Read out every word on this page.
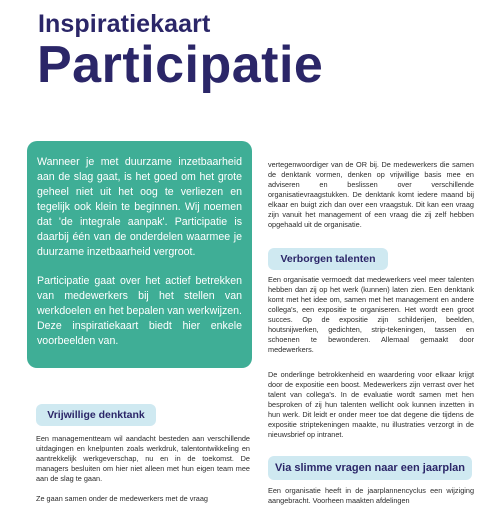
Inspiratiekaart
Participatie

Wanneer je met duurzame inzetbaarheid aan de slag gaat, is het goed om het grote geheel niet uit het oog te verliezen en tegelijk ook klein te beginnen. Wij noemen dat 'de integrale aanpak'. Participatie is daarbij één van de onderdelen waarmee je duurzame inzetbaarheid vergroot.

Participatie gaat over het actief betrekken van medewerkers bij het stellen van werkdoelen en het bepalen van werkwijzen. Deze inspiratiekaart biedt hier enkele voorbeelden van.

Vrijwillige denktank

Een managementteam wil aandacht besteden aan verschillende uitdagingen en knelpunten zoals werkdruk, talentontwikkeling en aantrekkelijk werkgeverschap, nu en in de toekomst. De managers besluiten om hier niet alleen met hun eigen team mee aan de slag te gaan.

Ze gaan samen onder de medewerkers met de vraag

vertegenwoordiger van de OR bij. De medewerkers die samen de denktank vormen, denken op vrijwillige basis mee en adviseren en beslissen over verschillende organisatievraagstukken. De denktank komt iedere maand bij elkaar en buigt zich dan over een vraagstuk. Dit kan een vraag zijn vanuit het management of een vraag die zij zelf hebben opgehaald uit de organisatie.

Verborgen talenten

Een organisatie vermoedt dat medewerkers veel meer talenten hebben dan zij op het werk (kunnen) laten zien. Een denktank komt met het idee om, samen met het management en andere collega's, een expositie te organiseren. Het wordt een groot succes. Op de expositie zijn schilderijen, beelden, houtsnijwerken, gedichten, strip-tekeningen, tassen en schoenen te bewonderen. Allemaal gemaakt door medewerkers.

De onderlinge betrokkenheid en waardering voor elkaar krijgt door de expositie een boost. Medewerkers zijn verrast over het talent van collega's. In de evaluatie wordt samen met hen besproken of zij hun talenten wellicht ook kunnen inzetten in hun werk. Dit leidt er onder meer toe dat degene die tijdens de expositie striptekeningen maakte, nu illustraties verzorgt in de nieuwsbrief op intranet.

Via slimme vragen naar een jaarplan

Een organisatie heeft in de jaarplannencyclus een wijziging aangebracht. Voorheen maakten afdelingen
